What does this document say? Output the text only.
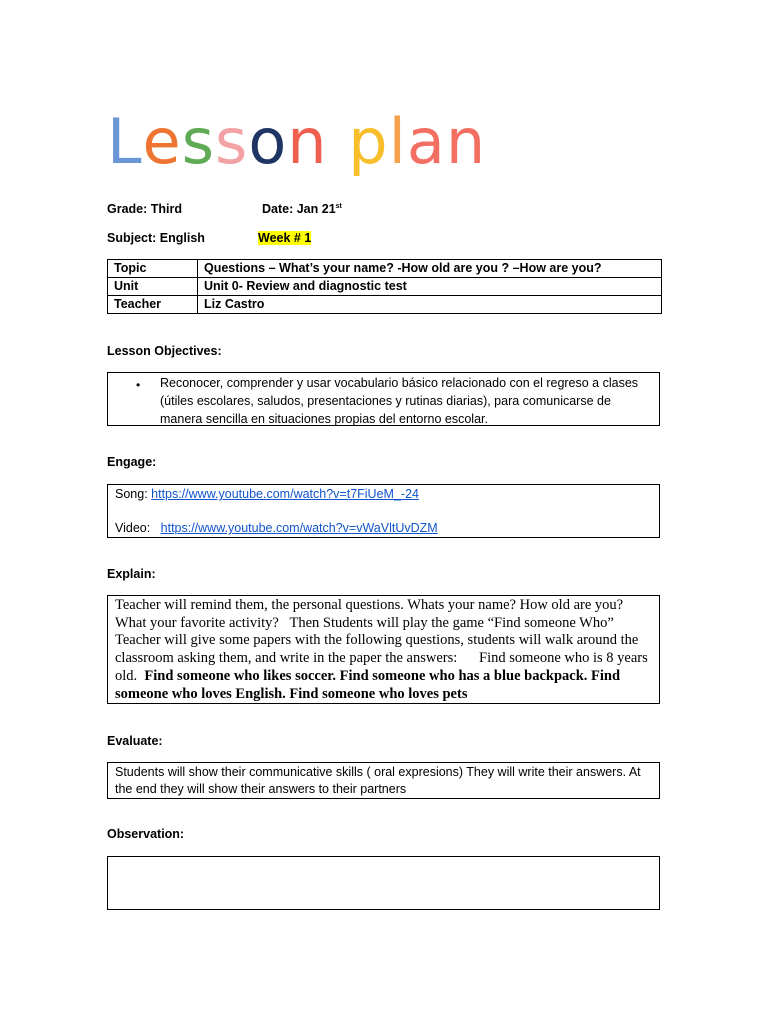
Lesson plan
Grade: Third	Date: Jan 21st
Subject: English	Week # 1
Topic	Questions – What’s your name? -How old are you ? –How are you?
Unit	Unit 0- Review and diagnostic test
Teacher	Liz Castro
Lesson Objectives:
• Reconocer, comprender y usar vocabulario básico relacionado con el regreso a clases (útiles escolares, saludos, presentaciones y rutinas diarias), para comunicarse de manera sencilla en situaciones propias del entorno escolar.
Engage:
Song: https://www.youtube.com/watch?v=t7FiUeM_-24
Video:   https://www.youtube.com/watch?v=vWaVltUvDZM
Explain:
Teacher will remind them, the personal questions. Whats your name? How old are you? What your favorite activity?   Then Students will play the game “Find someone Who” Teacher will give some papers with the following questions, students will walk around the classroom asking them, and write in the paper the answers:      Find someone who is 8 years old.  Find someone who likes soccer. Find someone who has a blue backpack. Find someone who loves English. Find someone who loves pets
Evaluate:
Students will show their communicative skills ( oral expresions) They will write their answers. At the end they will show their answers to their partners
Observation:
